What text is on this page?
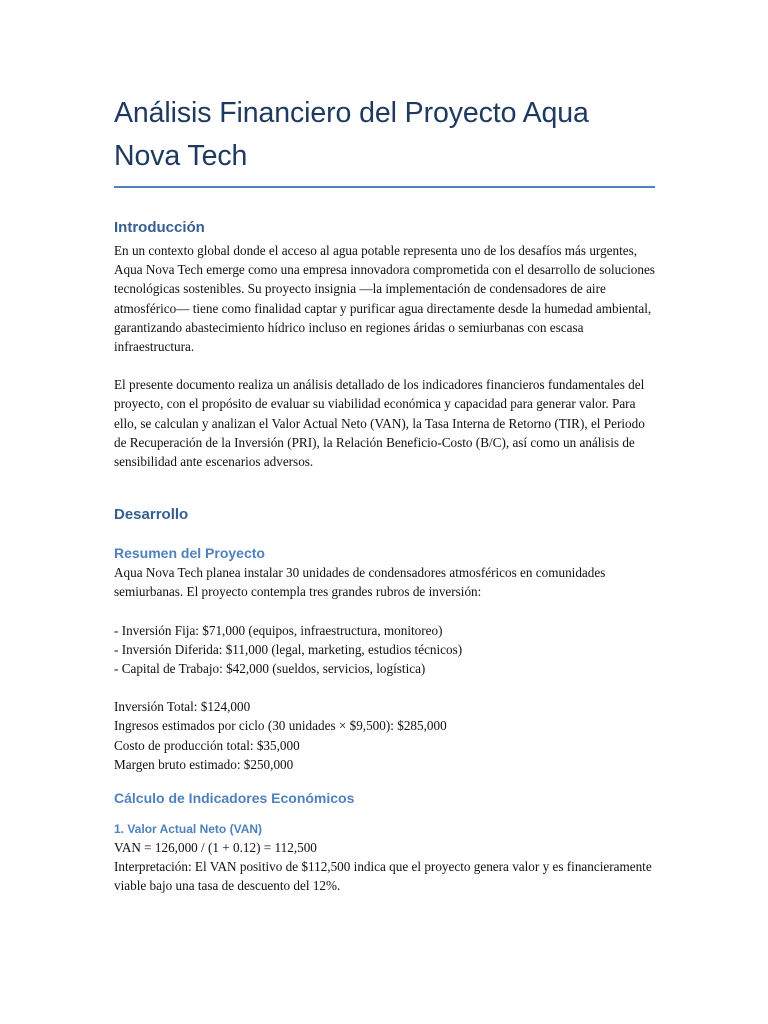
Análisis Financiero del Proyecto Aqua Nova Tech
Introducción

En un contexto global donde el acceso al agua potable representa uno de los desafíos más urgentes, Aqua Nova Tech emerge como una empresa innovadora comprometida con el desarrollo de soluciones tecnológicas sostenibles. Su proyecto insignia —la implementación de condensadores de aire atmosférico— tiene como finalidad captar y purificar agua directamente desde la humedad ambiental, garantizando abastecimiento hídrico incluso en regiones áridas o semiurbanas con escasa infraestructura.

El presente documento realiza un análisis detallado de los indicadores financieros fundamentales del proyecto, con el propósito de evaluar su viabilidad económica y capacidad para generar valor. Para ello, se calculan y analizan el Valor Actual Neto (VAN), la Tasa Interna de Retorno (TIR), el Periodo de Recuperación de la Inversión (PRI), la Relación Beneficio-Costo (B/C), así como un análisis de sensibilidad ante escenarios adversos.

Desarrollo
Resumen del Proyecto

Aqua Nova Tech planea instalar 30 unidades de condensadores atmosféricos en comunidades semiurbanas. El proyecto contempla tres grandes rubros de inversión:

- Inversión Fija: $71,000 (equipos, infraestructura, monitoreo)
- Inversión Diferida: $11,000 (legal, marketing, estudios técnicos)
- Capital de Trabajo: $42,000 (sueldos, servicios, logística)
Inversión Total: $124,000
Ingresos estimados por ciclo (30 unidades × $9,500): $285,000
Costo de producción total: $35,000
Margen bruto estimado: $250,000
Cálculo de Indicadores Económicos
1. Valor Actual Neto (VAN)

VAN = 126,000 / (1 + 0.12) = 112,500

Interpretación: El VAN positivo de $112,500 indica que el proyecto genera valor y es financieramente viable bajo una tasa de descuento del 12%.
